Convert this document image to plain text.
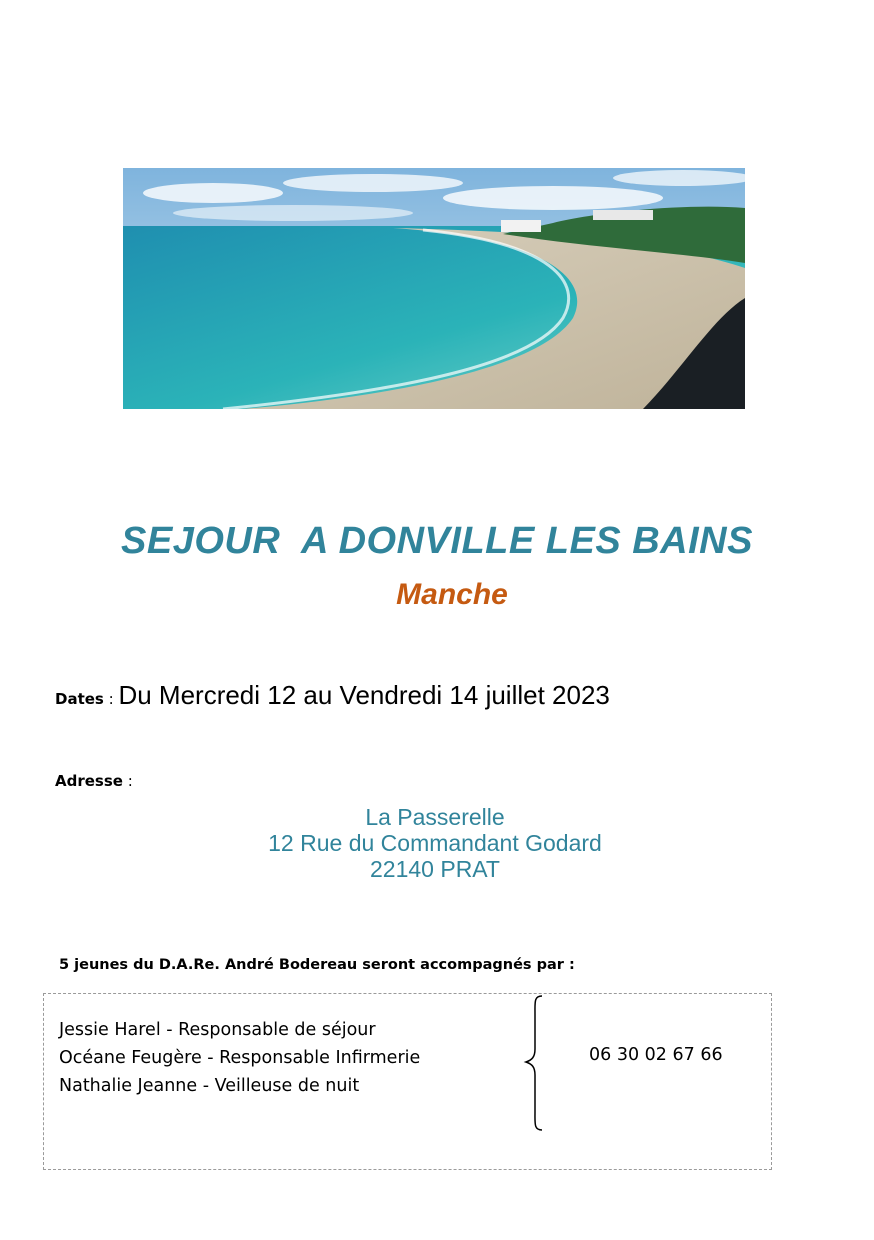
SEJOUR  A DONVILLE LES BAINS
Manche
Dates : Du Mercredi 12 au Vendredi 14 juillet 2023
Adresse :
La Passerelle
12 Rue du Commandant Godard
22140 PRAT
5 jeunes du D.A.Re. André Bodereau seront accompagnés par :
Jessie Harel - Responsable de séjour
Océane Feugère - Responsable Infirmerie
Nathalie Jeanne - Veilleuse de nuit
06 30 02 67 66
